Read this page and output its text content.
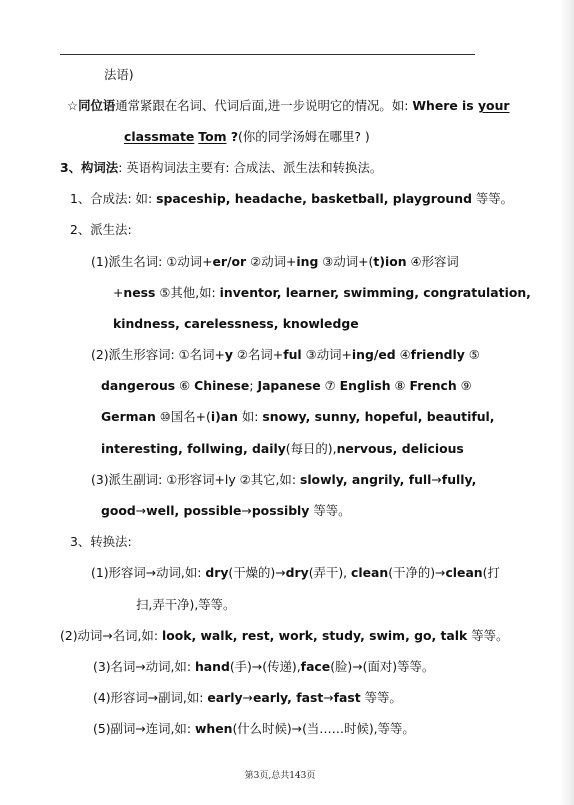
法语)
☆同位语通常紧跟在名词、代词后面,进一步说明它的情况。如: Where is your
classmate Tom ?(你的同学汤姆在哪里? )
3、构词法: 英语构词法主要有: 合成法、派生法和转换法。
1、合成法: 如: spaceship, headache, basketball, playground 等等。
2、派生法:
(1)派生名词: ①动词+er/or ②动词+ing ③动词+(t)ion ④形容词
+ness ⑤其他,如: inventor, learner, swimming, congratulation,
kindness, carelessness, knowledge
(2)派生形容词: ①名词+y ②名词+ful ③动词+ing/ed ④friendly ⑤
dangerous ⑥ Chinese; Japanese ⑦ English ⑧ French ⑨
German ⑩国名+(i)an 如: snowy, sunny, hopeful, beautiful,
interesting, follwing, daily(每日的),nervous, delicious
(3)派生副词: ①形容词+ly ②其它,如: slowly, angrily, full→fully,
good→well, possible→possibly 等等。
3、转换法:
(1)形容词→动词,如: dry(干燥的)→dry(弄干), clean(干净的)→clean(打
扫,弄干净),等等。
(2)动词→名词,如: look, walk, rest, work, study, swim, go, talk 等等。
(3)名词→动词,如: hand(手)→(传递),face(脸)→(面对)等等。
(4)形容词→副词,如: early→early, fast→fast 等等。
(5)副词→连词,如: when(什么时候)→(当……时候),等等。
第3页,总共143页
